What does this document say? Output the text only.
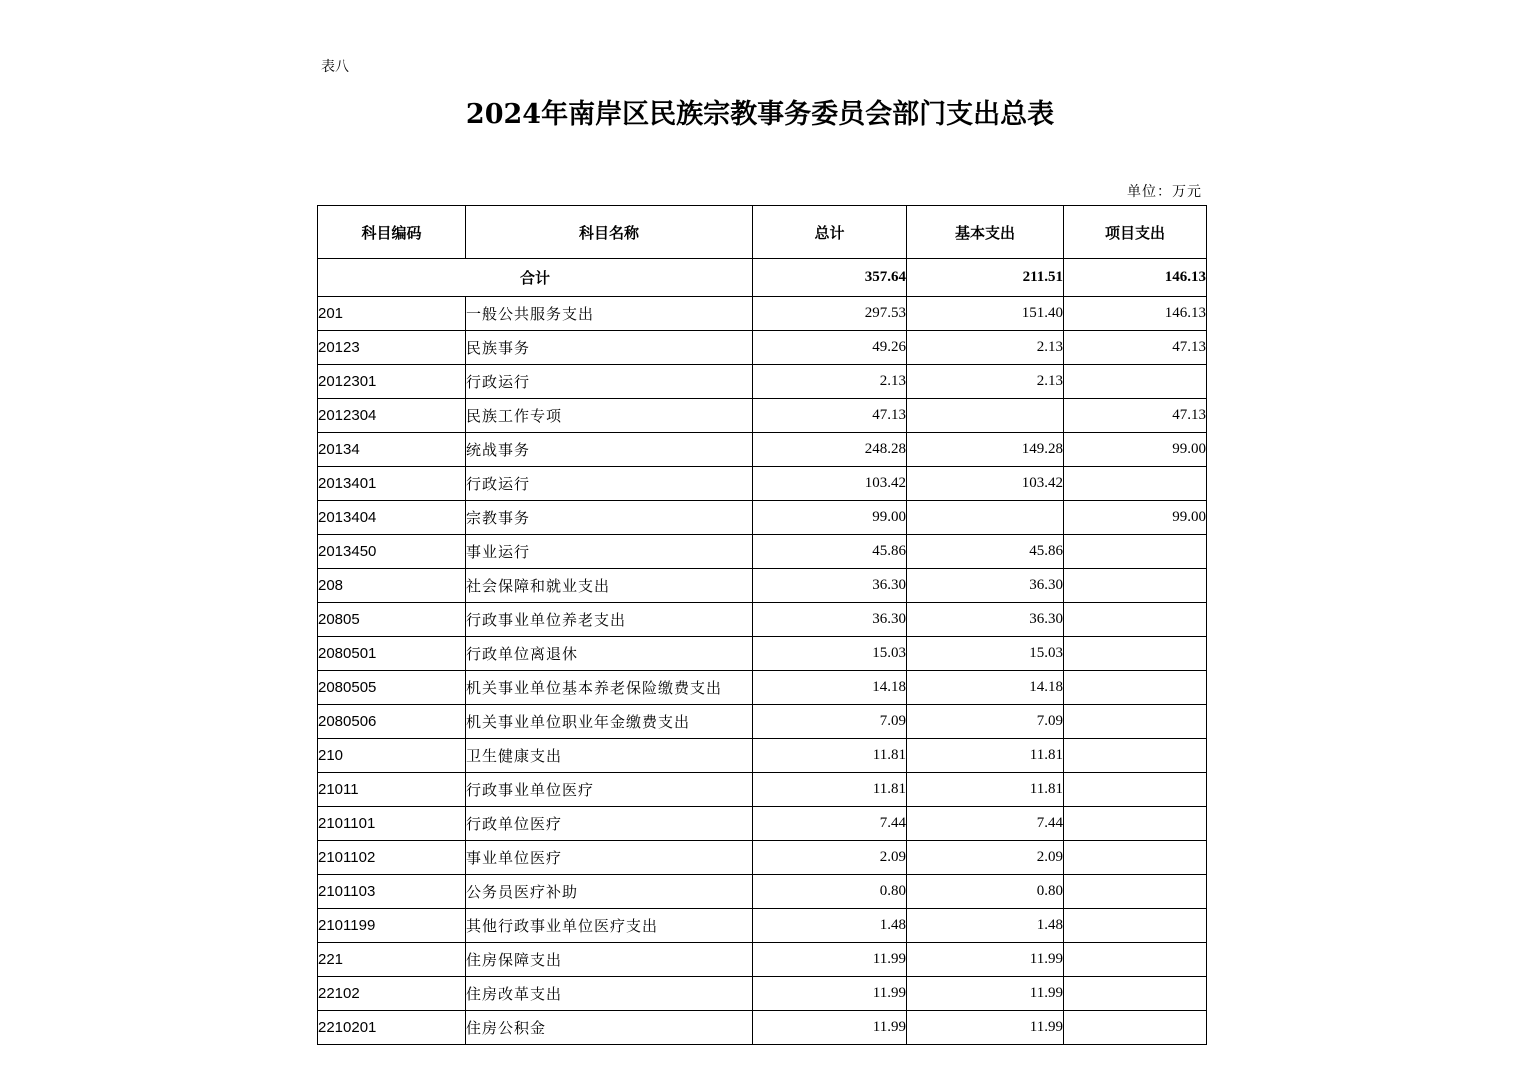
表八
2024年南岸区民族宗教事务委员会部门支出总表
单位：万元
科目编码	科目名称	总计	基本支出	项目支出
合计		357.64	211.51	146.13
201	一般公共服务支出	297.53	151.40	146.13
20123	民族事务	49.26	2.13	47.13
2012301	行政运行	2.13	2.13	
2012304	民族工作专项	47.13		47.13
20134	统战事务	248.28	149.28	99.00
2013401	行政运行	103.42	103.42	
2013404	宗教事务	99.00		99.00
2013450	事业运行	45.86	45.86	
208	社会保障和就业支出	36.30	36.30	
20805	行政事业单位养老支出	36.30	36.30	
2080501	行政单位离退休	15.03	15.03	
2080505	机关事业单位基本养老保险缴费支出	14.18	14.18	
2080506	机关事业单位职业年金缴费支出	7.09	7.09	
210	卫生健康支出	11.81	11.81	
21011	行政事业单位医疗	11.81	11.81	
2101101	行政单位医疗	7.44	7.44	
2101102	事业单位医疗	2.09	2.09	
2101103	公务员医疗补助	0.80	0.80	
2101199	其他行政事业单位医疗支出	1.48	1.48	
221	住房保障支出	11.99	11.99	
22102	住房改革支出	11.99	11.99	
2210201	住房公积金	11.99	11.99	
